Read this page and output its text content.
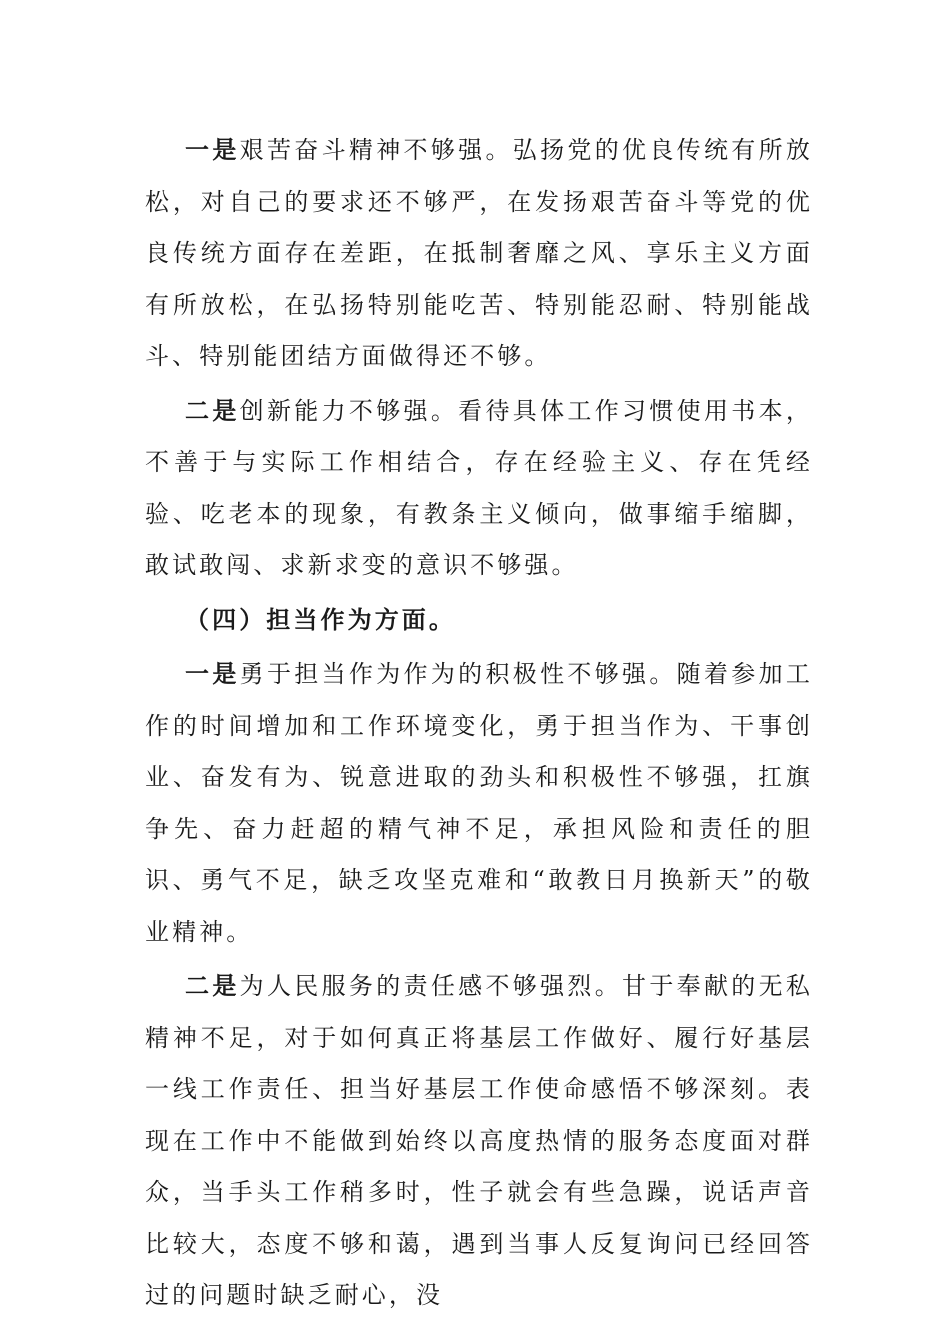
一是艰苦奋斗精神不够强。弘扬党的优良传统有所放松，对自己的要求还不够严，在发扬艰苦奋斗等党的优良传统方面存在差距，在抵制奢靡之风、享乐主义方面有所放松，在弘扬特别能吃苦、特别能忍耐、特别能战斗、特别能团结方面做得还不够。

二是创新能力不够强。看待具体工作习惯使用书本，不善于与实际工作相结合，存在经验主义、存在凭经验、吃老本的现象，有教条主义倾向，做事缩手缩脚，敢试敢闯、求新求变的意识不够强。

（四）担当作为方面。

一是勇于担当作为作为的积极性不够强。随着参加工作的时间增加和工作环境变化，勇于担当作为、干事创业、奋发有为、锐意进取的劲头和积极性不够强，扛旗争先、奋力赶超的精气神不足，承担风险和责任的胆识、勇气不足，缺乏攻坚克难和“敢教日月换新天”的敬业精神。

二是为人民服务的责任感不够强烈。甘于奉献的无私精神不足，对于如何真正将基层工作做好、履行好基层一线工作责任、担当好基层工作使命感悟不够深刻。表现在工作中不能做到始终以高度热情的服务态度面对群众，当手头工作稍多时，性子就会有些急躁，说话声音比较大，态度不够和蔼，遇到当事人反复询问已经回答过的问题时缺乏耐心，没
